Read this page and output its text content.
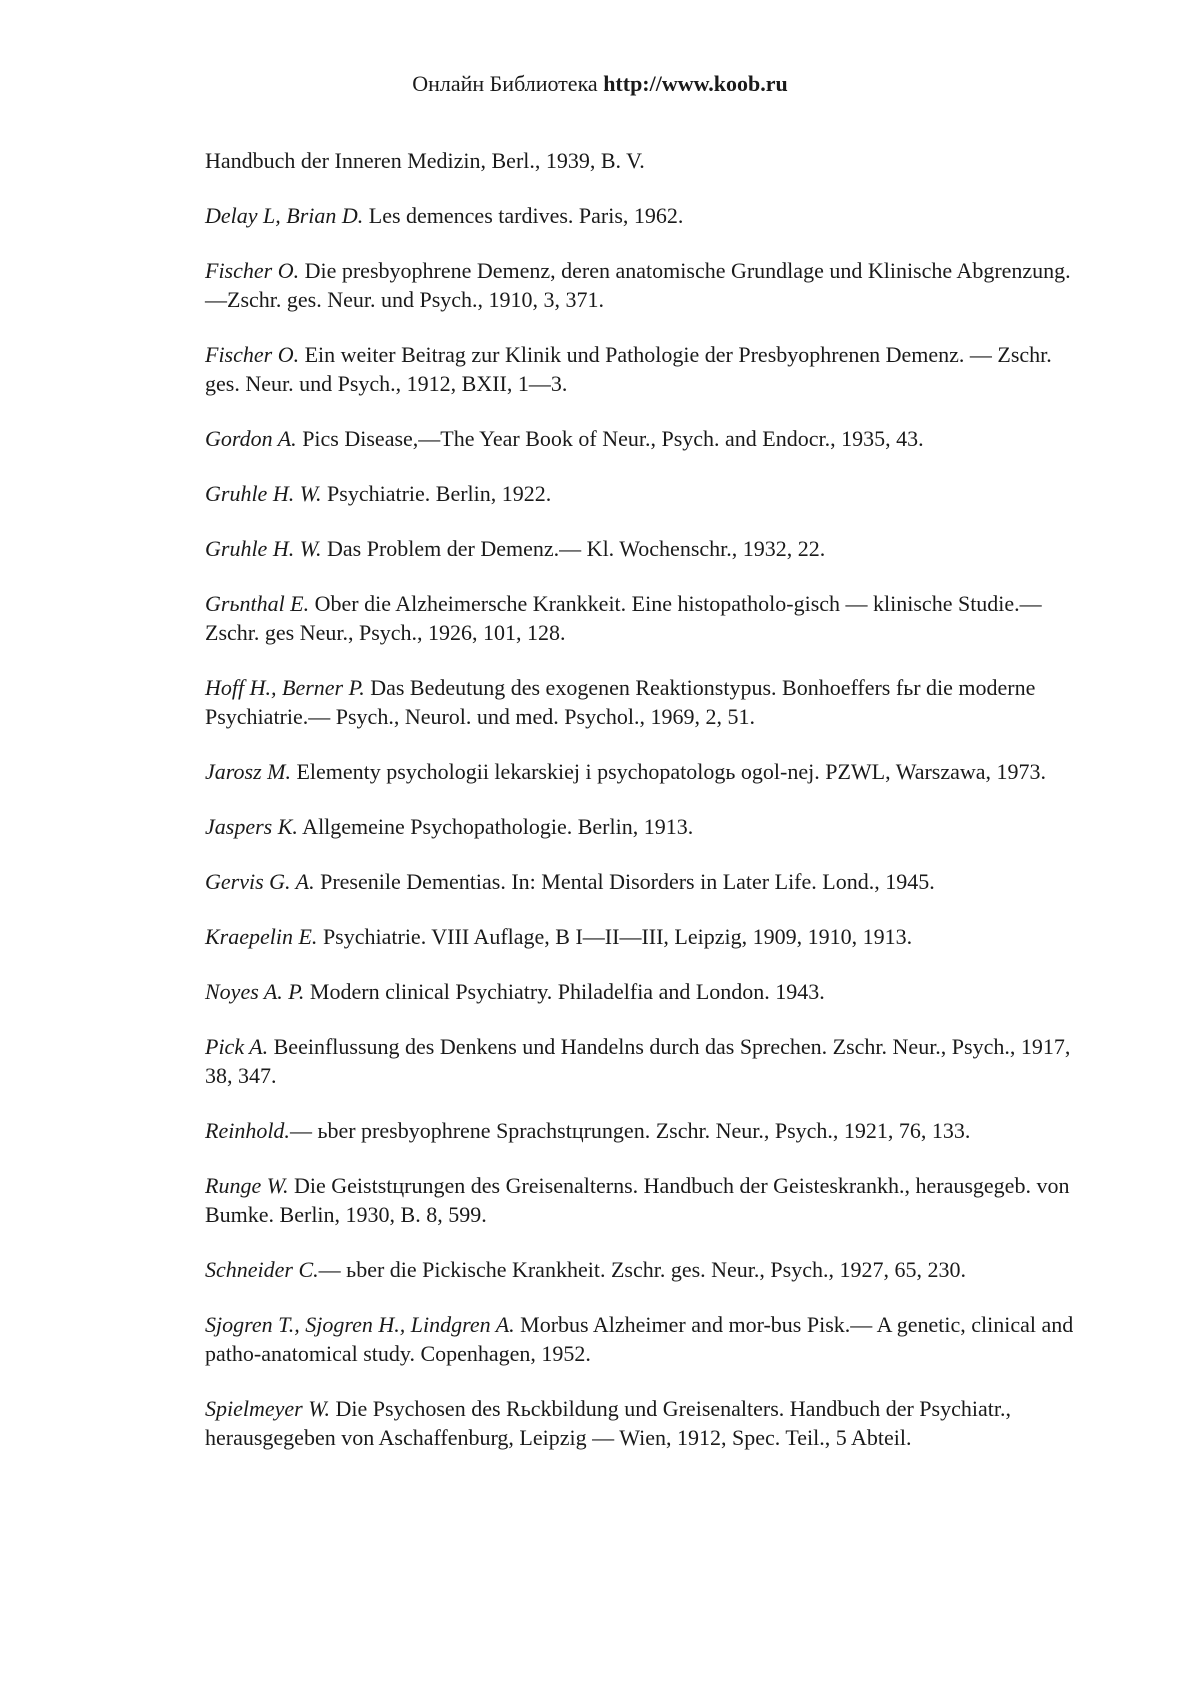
Онлайн Библиотека http://www.koob.ru
Handbuch der Inneren Medizin, Berl., 1939, B. V.
Delay L, Brian D. Les demences tardives. Paris, 1962.
Fischer O. Die presbyophrene Demenz, deren anatomische Grundlage und Klinische Abgrenzung.—Zschr. ges. Neur. und Psych., 1910, 3, 371.
Fischer O. Ein weiter Beitrag zur Klinik und Pathologie der Presbyophrenen Demenz. — Zschr. ges. Neur. und Psych., 1912, BXII, 1—3.
Gordon A. Pics Disease,—The Year Book of Neur., Psych. and Endocr., 1935, 43.
Gruhle H. W. Psychiatrie. Berlin, 1922.
Gruhle H. W. Das Problem der Demenz.— Kl. Wochenschr., 1932, 22.
Grьnthal E. Ober die Alzheimersche Krankkeit. Eine histopatholo-gisch — klinische Studie.—Zschr. ges Neur., Psych., 1926, 101, 128.
Hoff H., Berner P. Das Bedeutung des exogenen Reaktionstypus. Bonhoeffers fьr die moderne Psychiatrie.— Psych., Neurol. und med. Psychol., 1969, 2, 51.
Jarosz M. Elementy psychologii lekarskiej i psychopatologь ogol-nej. PZWL, Warszawa, 1973.
Jaspers K. Allgemeine Psychopathologie. Berlin, 1913.
Gervis G. A. Presenile Dementias. In: Mental Disorders in Later Life. Lond., 1945.
Kraepelin E. Psychiatrie. VIII Auflage, B I—II—III, Leipzig, 1909, 1910, 1913.
Noyes A. P. Modern clinical Psychiatry. Philadelfia and London. 1943.
Pick A. Beeinflussung des Denkens und Handelns durch das Sprechen. Zschr. Neur., Psych., 1917, 38, 347.
Reinhold.— ьber presbyophrene Sprachstцrungen. Zschr. Neur., Psych., 1921, 76, 133.
Runge W. Die Geiststцrungen des Greisenalterns. Handbuch der Geisteskrankh., herausgegeb. von Bumke. Berlin, 1930, B. 8, 599.
Schneider C.— ьber die Pickische Krankheit. Zschr. ges. Neur., Psych., 1927, 65, 230.
Sjogren T., Sjogren H., Lindgren A. Morbus Alzheimer and mor-bus Pisk.— A genetic, clinical and patho-anatomical study. Copenhagen, 1952.
Spielmeyer W. Die Psychosen des Rьckbildung und Greisenalters. Handbuch der Psychiatr., herausgegeben von Aschaffenburg, Leipzig — Wien, 1912, Spec. Teil., 5 Abteil.
